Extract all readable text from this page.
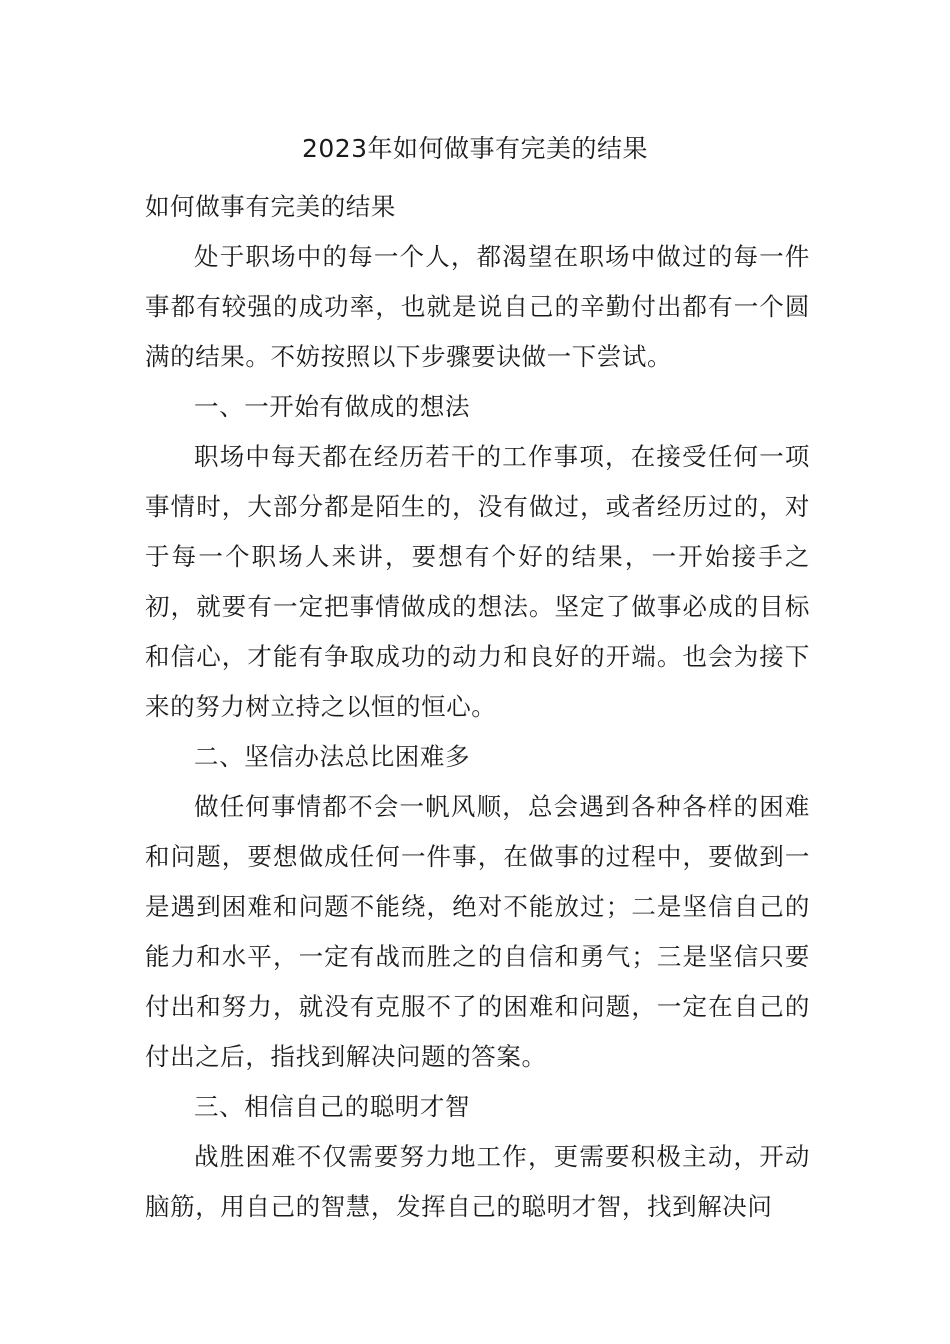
2023年如何做事有完美的结果

如何做事有完美的结果

处于职场中的每一个人，都渴望在职场中做过的每一件事都有较强的成功率，也就是说自己的辛勤付出都有一个圆满的结果。不妨按照以下步骤要诀做一下尝试。

一、一开始有做成的想法

职场中每天都在经历若干的工作事项，在接受任何一项事情时，大部分都是陌生的，没有做过，或者经历过的，对于每一个职场人来讲，要想有个好的结果，一开始接手之初，就要有一定把事情做成的想法。坚定了做事必成的目标和信心，才能有争取成功的动力和良好的开端。也会为接下来的努力树立持之以恒的恒心。

二、坚信办法总比困难多

做任何事情都不会一帆风顺，总会遇到各种各样的困难和问题，要想做成任何一件事，在做事的过程中，要做到一是遇到困难和问题不能绕，绝对不能放过；二是坚信自己的能力和水平，一定有战而胜之的自信和勇气；三是坚信只要付出和努力，就没有克服不了的困难和问题，一定在自己的付出之后，指找到解决问题的答案。

三、相信自己的聪明才智

战胜困难不仅需要努力地工作，更需要积极主动，开动脑筋，用自己的智慧，发挥自己的聪明才智，找到解决问
